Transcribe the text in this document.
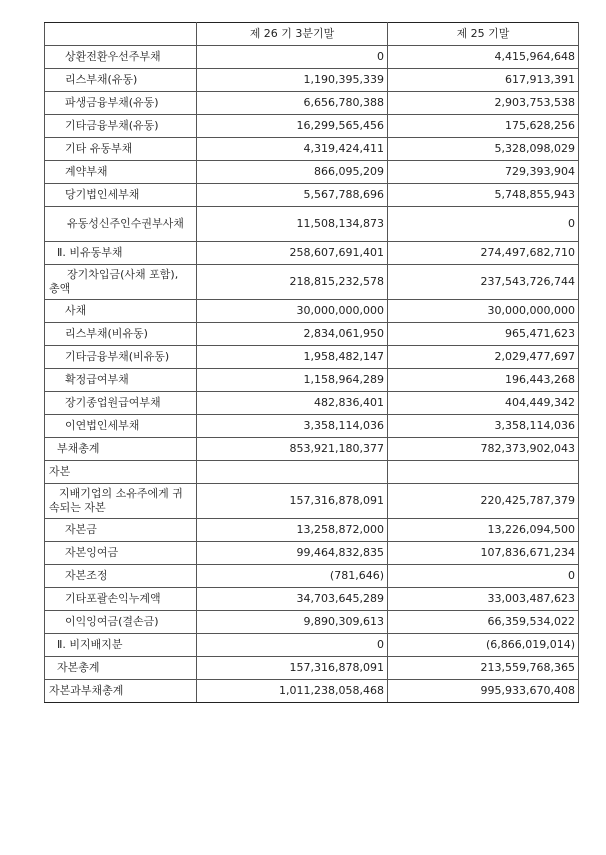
	제 26 기 3분기말	제 25 기말
상환전환우선주부채	0	4,415,964,648
리스부채(유동)	1,190,395,339	617,913,391
파생금융부채(유동)	6,656,780,388	2,903,753,538
기타금융부채(유동)	16,299,565,456	175,628,256
기타 유동부채	4,319,424,411	5,328,098,029
계약부채	866,095,209	729,393,904
당기법인세부채	5,567,788,696	5,748,855,943
유동성신주인수권부사채	11,508,134,873	0
Ⅱ. 비유동부채	258,607,691,401	274,497,682,710
장기차입금(사채 포함), 총액	218,815,232,578	237,543,726,744
사채	30,000,000,000	30,000,000,000
리스부채(비유동)	2,834,061,950	965,471,623
기타금융부채(비유동)	1,958,482,147	2,029,477,697
확정급여부채	1,158,964,289	196,443,268
장기종업원급여부채	482,836,401	404,449,342
이연법인세부채	3,358,114,036	3,358,114,036
부채총계	853,921,180,377	782,373,902,043
자본		
지배기업의 소유주에게 귀속되는 자본	157,316,878,091	220,425,787,379
자본금	13,258,872,000	13,226,094,500
자본잉여금	99,464,832,835	107,836,671,234
자본조정	(781,646)	0
기타포괄손익누계액	34,703,645,289	33,003,487,623
이익잉여금(결손금)	9,890,309,613	66,359,534,022
Ⅱ. 비지배지분	0	(6,866,019,014)
자본총계	157,316,878,091	213,559,768,365
자본과부채총계	1,011,238,058,468	995,933,670,408
